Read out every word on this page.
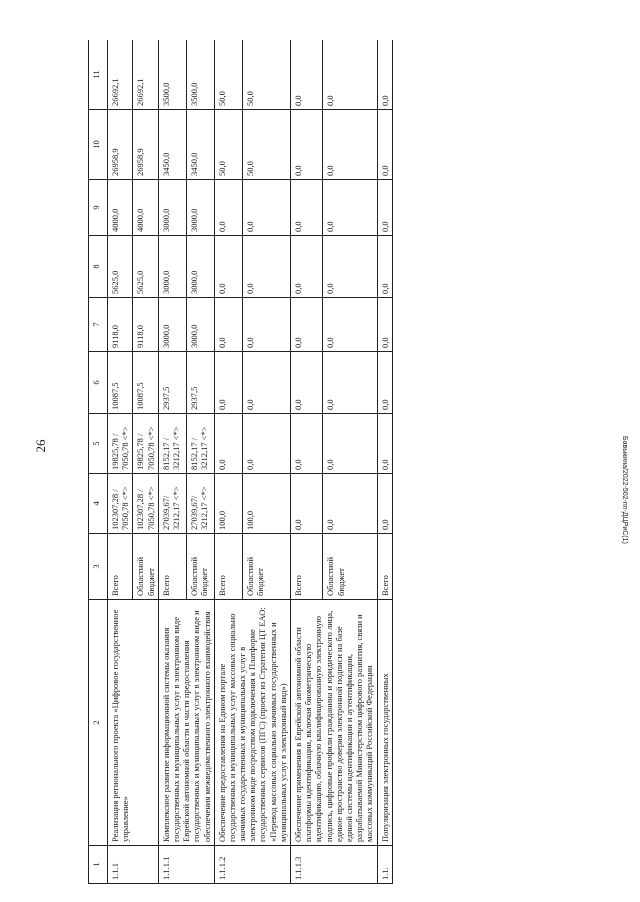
26	Бавыкина/2022-502-пп-ДЦРиС(1)
1	2	3	4	5	6	7	8	9	10	11
1.1.1	Реализация регионального проекта «Цифровое государственное управление»	Всего	102307,28 / 7050,78 <*>	19825,78 / 7050,78 <*>	10087,5	9118,0	5625,0	4000,0	26958,9	26692,1
		Областной бюджет	102307,28 / 7050,78 <*>	19825,78 / 7050,78 <*>	10087,5	9118,0	5625,0	4000,0	26958,9	26692,1
1.1.1.1	Комплексное развитие информационной системы оказания государственных и муниципальных услуг в электронном виде Еврейской автономной области в части предоставления государственных и муниципальных услуг в электронном виде и обеспечения межведомственного электронного взаимодействия	Всего	27039,67/ 3212,17 <*>	8152,17 / 3212,17 <*>	2937,5	3000,0	3000,0	3000,0	3450,0	3500,0
		Областной бюджет	27039,67/ 3212,17 <*>	8152,17 / 3212,17 <*>	2937,5	3000,0	3000,0	3000,0	3450,0	3500,0
1.1.1.2	Обеспечение предоставления на Едином портале государственных и муниципальных услуг массовых социально значимых государственных и муниципальных услуг в электронном виде посредством подключения к Платформе государственных сервисов (ПГС) (проект из Стратегии ЦТ ЕАО: «Перевод массовых социально значимых государственных и муниципальных услуг в электронный вид»)	Всего	100,0	0,0	0,0	0,0	0,0	0,0	50,0	50,0
		Областной бюджет	100,0	0,0	0,0	0,0	0,0	0,0	50,0	50,0
1.1.1.3	Обеспечение применения в Еврейской автономной области платформы идентификации, включая биометрическую идентификацию, облачную квалифицированную электронную подпись, цифровые профили гражданина и юридического лица, единое пространство доверия электронной подписи на базе единой системы идентификации и аутентификации, разрабатываемой Министерством цифрового развития, связи и массовых коммуникаций Российской Федерации	Всего	0,0	0,0	0,0	0,0	0,0	0,0	0,0	0,0
		Областной бюджет	0,0	0,0	0,0	0,0	0,0	0,0	0,0	0,0
1.1.	Популяризация электронных государственных	Всего	0,0	0,0	0,0	0,0	0,0	0,0	0,0	0,0
